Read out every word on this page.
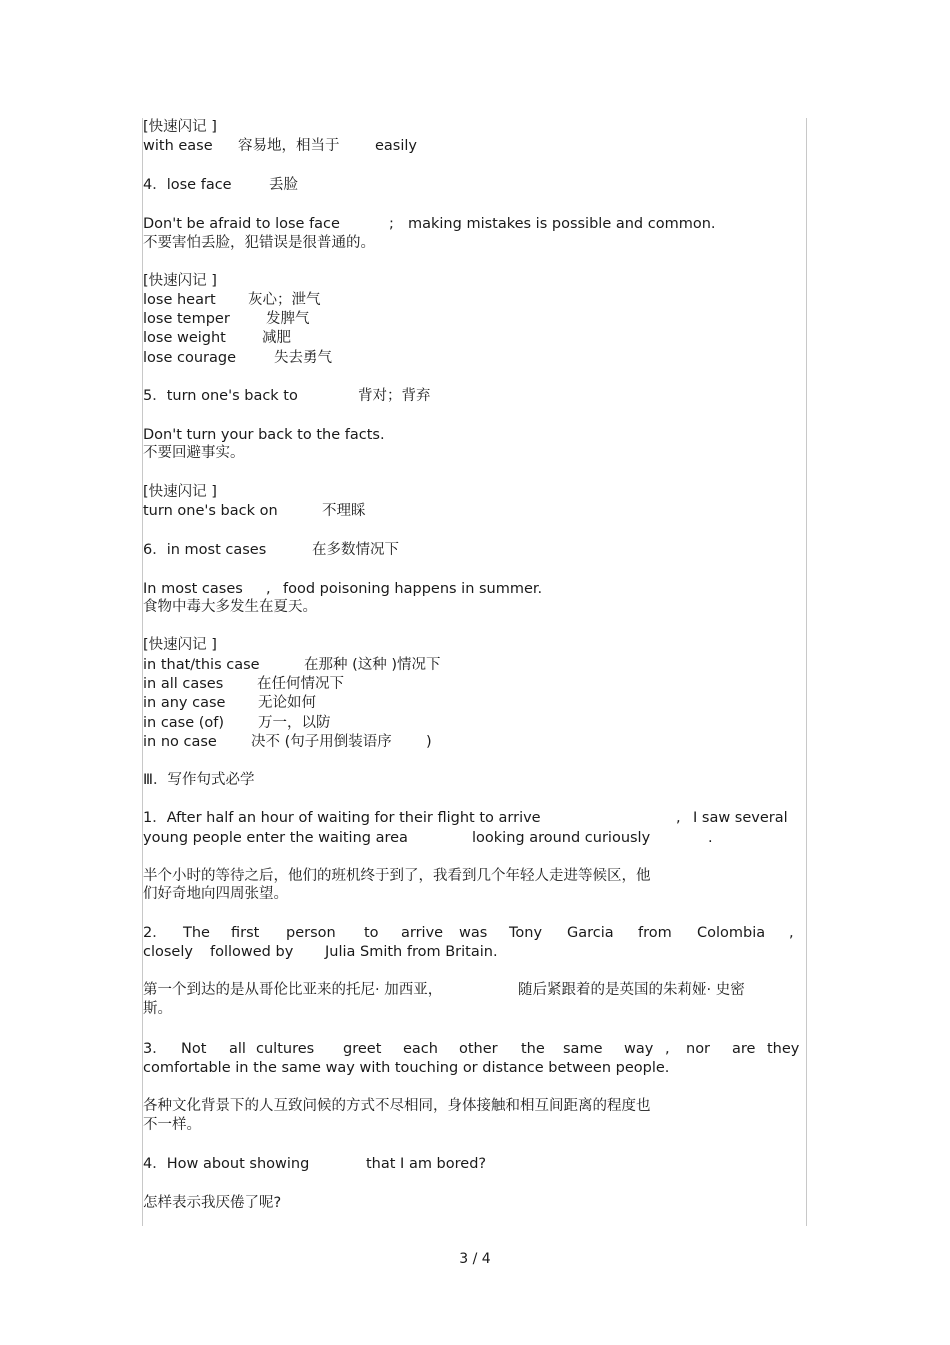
[快速闪记 ]
with ease 容易地，相当于 easily
4．lose face	丢脸
Don't be afraid to lose face	; making mistakes is possible and common.
不要害怕丢脸，犯错误是很普通的。
[快速闪记 ]
lose heart 灰心；泄气
lose temper 发脾气
lose weight 减肥
lose courage	失去勇气
5．turn one's back to	背对；背弃
Don't turn your back to the facts.
不要回避事实。
[快速闪记 ]
turn one's back on	不理睬
6．in most cases	在多数情况下
In most cases , food poisoning happens in summer.
食物中毒大多发生在夏天。
[快速闪记 ]
in that/this case	在那种 (这种 )情况下
in all cases 在任何情况下
in any case 无论如何
in case (of) 万一，以防
in no case 决不 (句子用倒装语序 )
Ⅲ．写作句式必学
1．After half an hour of waiting for their flight to arrive	, I saw several
young people enter the waiting area	looking around curiously	.
半个小时的等待之后，他们的班机终于到了，我看到几个年轻人走进等候区，他
们好奇地向四周张望。
2． The first person to arrive was Tony Garcia from Colombia ,
closely followed by Julia Smith from Britain.
第一个到达的是从哥伦比亚来的托尼· 加西亚，	随后紧跟着的是英国的朱莉娅· 史密
斯。
3． Not all cultures greet each other the same way , nor are they
comfortable in the same way with touching or distance between people.
各种文化背景下的人互致问候的方式不尽相同，身体接触和相互间距离的程度也
不一样。
4．How about showing	that I am bored?
怎样表示我厌倦了呢?
3 / 4
